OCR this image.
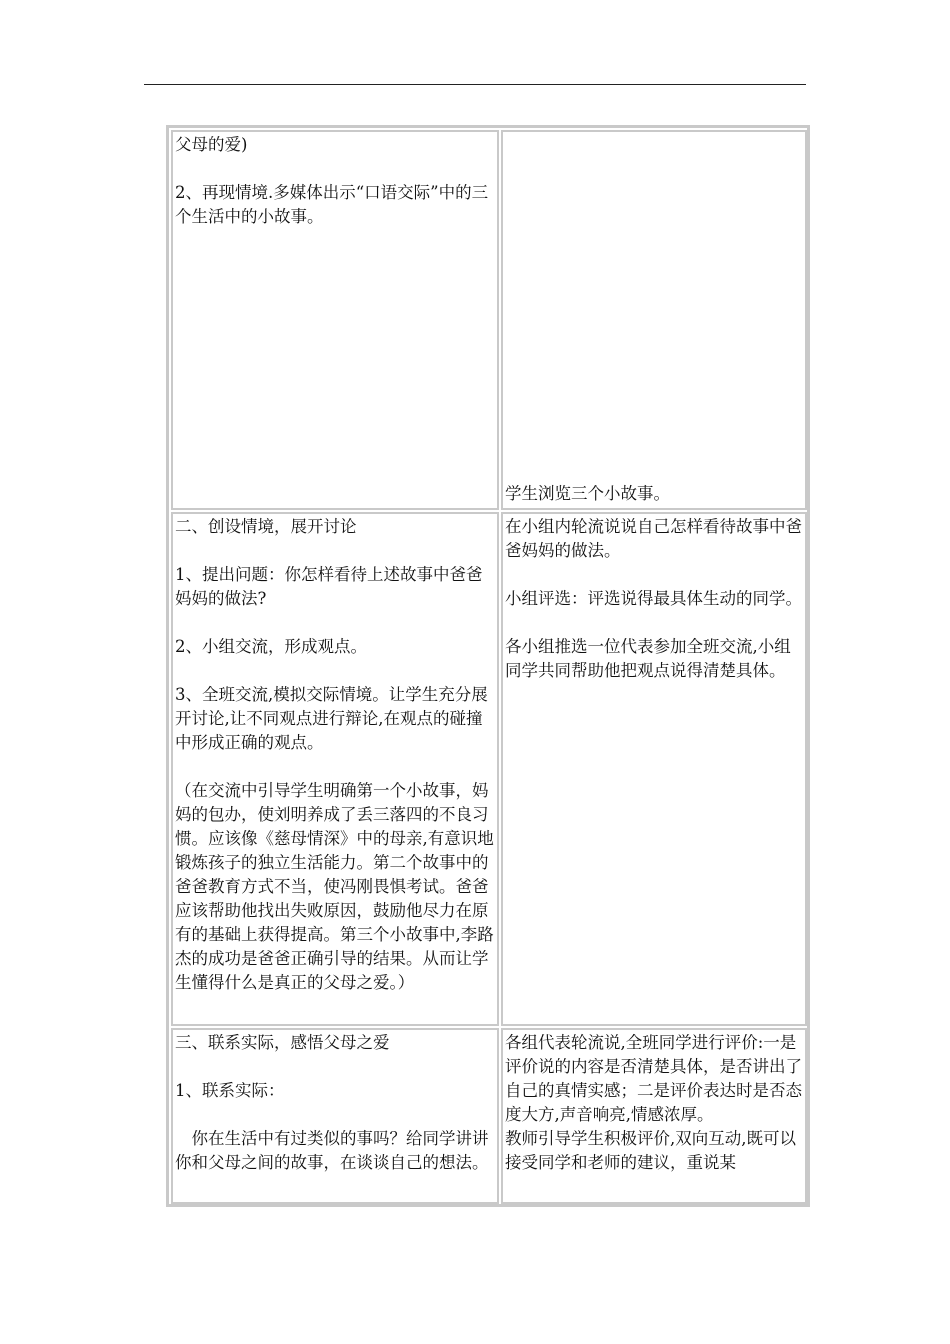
父母的爱)

2、再现情境.多媒体出示“口语交际”中的三个生活中的小故事。

学生浏览三个小故事。

二、创设情境，展开讨论

1、提出问题：你怎样看待上述故事中爸爸妈妈的做法?

2、小组交流，形成观点。

3、全班交流,模拟交际情境。让学生充分展开讨论,让不同观点进行辩论,在观点的碰撞中形成正确的观点。

（在交流中引导学生明确第一个小故事，妈妈的包办，使刘明养成了丢三落四的不良习惯。应该像《慈母情深》中的母亲,有意识地锻炼孩子的独立生活能力。第二个故事中的爸爸教育方式不当，使冯刚畏惧考试。爸爸应该帮助他找出失败原因，鼓励他尽力在原有的基础上获得提高。第三个小故事中,李路杰的成功是爸爸正确引导的结果。从而让学生懂得什么是真正的父母之爱。）

在小组内轮流说说自己怎样看待故事中爸爸妈妈的做法。

小组评选：评选说得最具体生动的同学。

各小组推选一位代表参加全班交流,小组同学共同帮助他把观点说得清楚具体。

三、联系实际，感悟父母之爱

1、联系实际：

你在生活中有过类似的事吗？给同学讲讲你和父母之间的故事，在谈谈自己的想法。

各组代表轮流说,全班同学进行评价:一是评价说的内容是否清楚具体，是否讲出了自己的真情实感；二是评价表达时是否态度大方,声音响亮,情感浓厚。

教师引导学生积极评价,双向互动,既可以接受同学和老师的建议，重说某
